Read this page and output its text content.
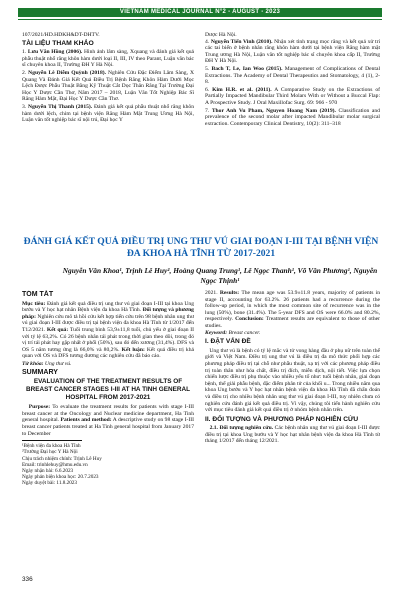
VIETNAM MEDICAL JOURNAL N°2 - AUGUST - 2023
107/2021/HD.HDKH&DT-DHTV.
TÀI LIỆU THAM KHẢO
1. Lưu Văn Hồng (2006). Hình ảnh lâm sàng, Xquang và đánh giá kết quả phẫu thuật nhổ răng khôn hàm dưới loại II, III, IV theo Parant, Luận văn bác sĩ chuyên khoa II, Trường ĐH Y Hà Nội.
2. Nguyễn Lê Diễm Quỳnh (2018). Nghiên Cứu Đặc Điểm Lâm Sàng, X Quang Và Đánh Giá Kết Quả Điều Trị Bệnh Răng Khôn Hàm Dưới Mọc Lệch Được Phẫu Thuật Bằng Kỹ Thuật Cắt Dọc Thân Răng Tại Trường Đại Học Y Dược Cần Thơ, Năm 2017 – 2018, Luận Văn Tốt Nghiệp Bác Sĩ Răng Hàm Mặt, Đại Học Y Dược Cần Thơ.
3. Nguyễn Thị Thanh (2015). Đánh giá kết quả phẫu thuật nhổ răng khôn hàm dưới lệch, chìm tại bệnh viện Răng Hàm Mặt Trung Ương Hà Nội, Luận văn tốt nghiệp bác sĩ nội trú, Đại học Y
Dược Hà Nội.
4. Nguyễn Tiến Vinh (2010). Nhận xét tình trạng mọc răng và kết quả xử trí các tai biến ở bệnh nhân răng khôn hàm dưới tại bệnh viện Răng hàm mặt Trung ương Hà Nội, Luận văn tốt nghiệp bác sĩ chuyên khoa cấp II, Trường ĐH Y Hà Nội.
5. Bach T, Le, Ian Woo (2015). Management of Complications of Dental Extractions. The Academy of Dental Therapeutics and Stomatology, 4 (1), 2-8.
6. Kim H.R. et al. (2011). A Comparative Study on the Extractions of Partially Impacted Mandibular Third Molars With or Without a Buccal Flap: A Prospective Study. J Oral Maxillofac Surg. 69: 966 - 970
7. Thor Anh Vu Pham, Nguyen Hoang Nam (2019). Classification and prevalence of the second molar after impacted Mandibular molar surgical extraction. Contemporary Clinical Dentistry, 10(2): 311–318
ĐÁNH GIÁ KẾT QUẢ ĐIỀU TRỊ UNG THƯ VÚ GIAI ĐOẠN I-III TẠI BỆNH VIỆN ĐA KHOA HÀ TĨNH TỪ 2017-2021
Nguyễn Văn Khoa¹, Trịnh Lê Huy², Hoàng Quang Trung¹, Lê Ngọc Thanh¹, Võ Văn Phương¹, Nguyễn Ngọc Thịnh¹
TÓM TẮT

Mục tiêu: Đánh giá kết quả điều trị ung thư vú giai đoạn I-III tại khoa Ung bướu và Y học hạt nhân Bệnh viện đa khoa Hà Tĩnh. Đối tượng và phương pháp: Nghiên cứu mô tả hồi cứu kết hợp tiến cứu trên 98 bệnh nhân ung thư vú giai đoạn I-III được điều trị tại bệnh viện đa khoa Hà Tĩnh từ 1/2017 đến T12/2021. Kết quả: Tuổi trung bình 53,9±11,8 tuổi, chủ yếu ở giai đoạn II với tỷ lệ 63,2%. Có 26 bệnh nhân tái phát trong thời gian theo dõi, trong đó vị trí tái phát hay gặp nhất ở phổi (50%), sau đó đến xương (31,4%). DFS và OS 5 năm tương ứng là 66,0% và 80,2%. Kết luận: Kết quả điều trị khả quan với OS và DFS tương đương các nghiên cứu đã báo cáo.

Từ khóa: Ung thư vú.

SUMMARY
EVALUATION OF THE TREATMENT RESULTS OF BREAST CANCER STAGES I-III AT HA TINH GENERAL HOSPITAL FROM 2017-2021

Purpose: To evaluate the treatment results for patients with stage I-III breast cancer at the Oncology and Nuclear medicine department, Ha Tinh general hospital. Patients and method: A descriptive study on 98 stage I-III breast cancer patients treated at Ha Tinh general hospital from January 2017 to December

¹Bệnh viện đa khoa Hà Tĩnh
²Trường Đại học Y Hà Nội
Chịu trách nhiệm chính: Trịnh Lê Huy
Email: trinhlehuy@hmu.edu.vn
Ngày nhận bài: 6.6.2023
Ngày phản biện khoa học: 20.7.2023
Ngày duyệt bài: 11.8.2023

2021. Results: The mean age was 53.9±11.8 years, majority of patients in stage II, accounting for 63.2%. 26 patients had a recurrence during the follow-up period, in which the most common site of recurrence was in the lung (50%), bone (31.4%). The 5-year DFS and OS were 66.0% and 80.2%, respectively. Conclusion: Treatment results are equivalent to those of other studies.

Keyword: Breast cancer.

I. ĐẶT VẤN ĐỀ

Ung thư vú là bệnh có tỷ lệ mắc và tử vong hàng đầu ở phụ nữ trên toàn thế giới và Việt Nam. Điều trị ung thư vú là điều trị đa mô thức phối hợp các phương pháp điều trị tại chỗ như phẫu thuật, xạ trị với các phương pháp điều trị toàn thân như hóa chất, điều trị đích, miễn dịch, nội tiết. Việc lựa chọn chiến lược điều trị phụ thuộc vào nhiều yếu tố như: tuổi bệnh nhân, giai đoạn bệnh, thể giải phẫu bệnh, đặc điểm phân tử của khối u... Trong nhiều năm qua khoa Ung bướu và Y học hạt nhân bệnh viện đa khoa Hà Tĩnh đã chẩn đoán và điều trị cho nhiều bệnh nhân ung thư vú giai đoạn I-III, tuy nhiên chưa có nghiên cứu đánh giá kết quả điều trị. Vì vậy, chúng tôi tiến hành nghiên cứu với mục tiêu đánh giá kết quả điều trị ở nhóm bệnh nhân trên.

II. ĐỐI TƯỢNG VÀ PHƯƠNG PHÁP NGHIÊN CỨU

2.1. Đối tượng nghiên cứu. Các bệnh nhân ung thư vú giai đoạn I-III được điều trị tại khoa Ung bướu và Y học hạt nhân bệnh viện đa khoa Hà Tĩnh từ tháng 1/2017 đến tháng 12/2021.

336
